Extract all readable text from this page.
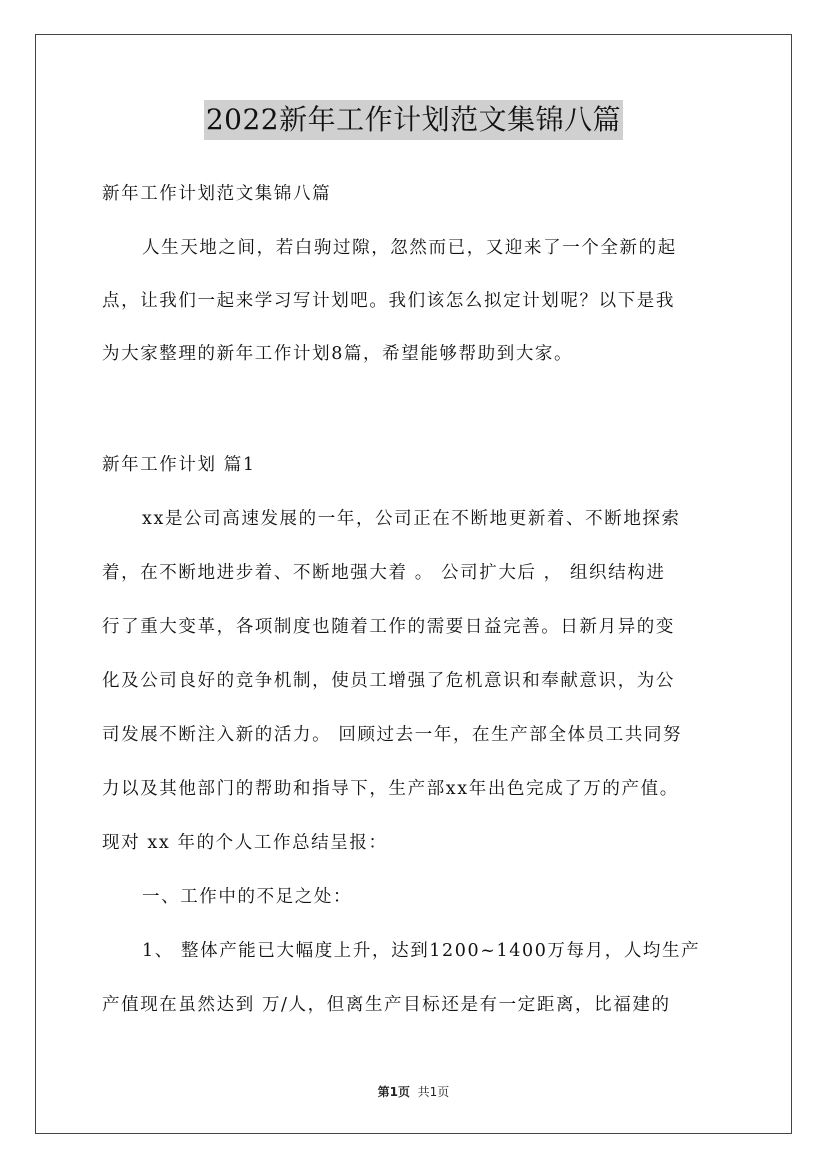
2022新年工作计划范文集锦八篇
新年工作计划范文集锦八篇
人生天地之间，若白驹过隙，忽然而已，又迎来了一个全新的起
点，让我们一起来学习写计划吧。我们该怎么拟定计划呢？以下是我
为大家整理的新年工作计划8篇，希望能够帮助到大家。
新年工作计划 篇1
xx是公司高速发展的一年，公司正在不断地更新着、不断地探索
着，在不断地进步着、不断地强大着 。 公司扩大后 ， 组织结构进
行了重大变革，各项制度也随着工作的需要日益完善。日新月异的变
化及公司良好的竞争机制，使员工增强了危机意识和奉献意识，为公
司发展不断注入新的活力。 回顾过去一年，在生产部全体员工共同努
力以及其他部门的帮助和指导下，生产部xx年出色完成了万的产值。
现对 xx 年的个人工作总结呈报：
一、工作中的不足之处：
1、 整体产能已大幅度上升，达到1200~1400万每月，人均生产
产值现在虽然达到 万/人，但离生产目标还是有一定距离，比福建的
第1页 共1页
